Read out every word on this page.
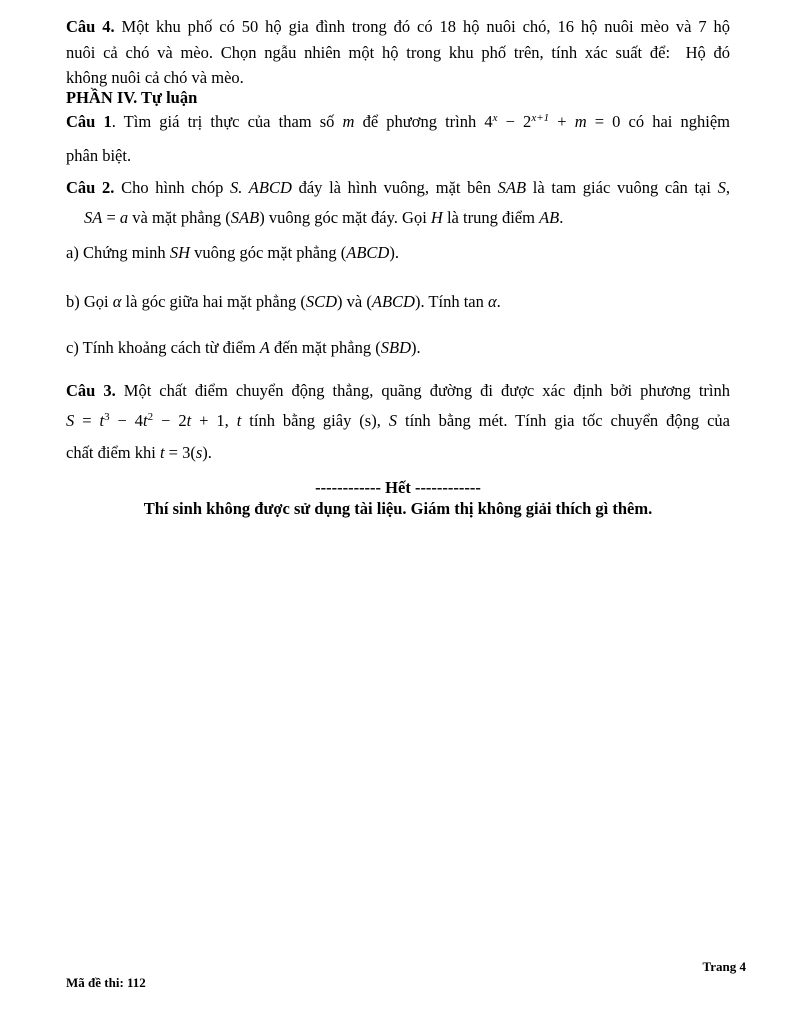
Câu 4. Một khu phố có 50 hộ gia đình trong đó có 18 hộ nuôi chó, 16 hộ nuôi mèo và 7 hộ
nuôi cả chó và mèo. Chọn ngẫu nhiên một hộ trong khu phố trên, tính xác suất để:  Hộ đó
không nuôi cả chó và mèo.
PHẦN IV. Tự luận
Câu 1. Tìm giá trị thực của tham số m để phương trình $4^x - 2^{x+1} + m = 0$ có hai nghiệm
phân biệt.
Câu 2. Cho hình chóp S. ABCD đáy là hình vuông, mặt bên SAB là tam giác vuông cân tại S,
SA = a và mặt phẳng (SAB) vuông góc mặt đáy. Gọi H là trung điểm AB.
a) Chứng minh SH vuông góc mặt phẳng (ABCD).
b) Gọi α là góc giữa hai mặt phẳng (SCD) và (ABCD). Tính tan α.
c) Tính khoảng cách từ điểm A đến mặt phẳng (SBD).
Câu 3. Một chất điểm chuyển động thẳng, quãng đường đi được xác định bởi phương trình
$S = t^3 - 4t^2 - 2t + 1$, t tính bằng giây (s), S tính bằng mét. Tính gia tốc chuyển động của
chất điểm khi t = 3(s).
------------ Hết ------------
Thí sinh không được sử dụng tài liệu. Giám thị không giải thích gì thêm.
Trang 4
Mã đề thi: 112
